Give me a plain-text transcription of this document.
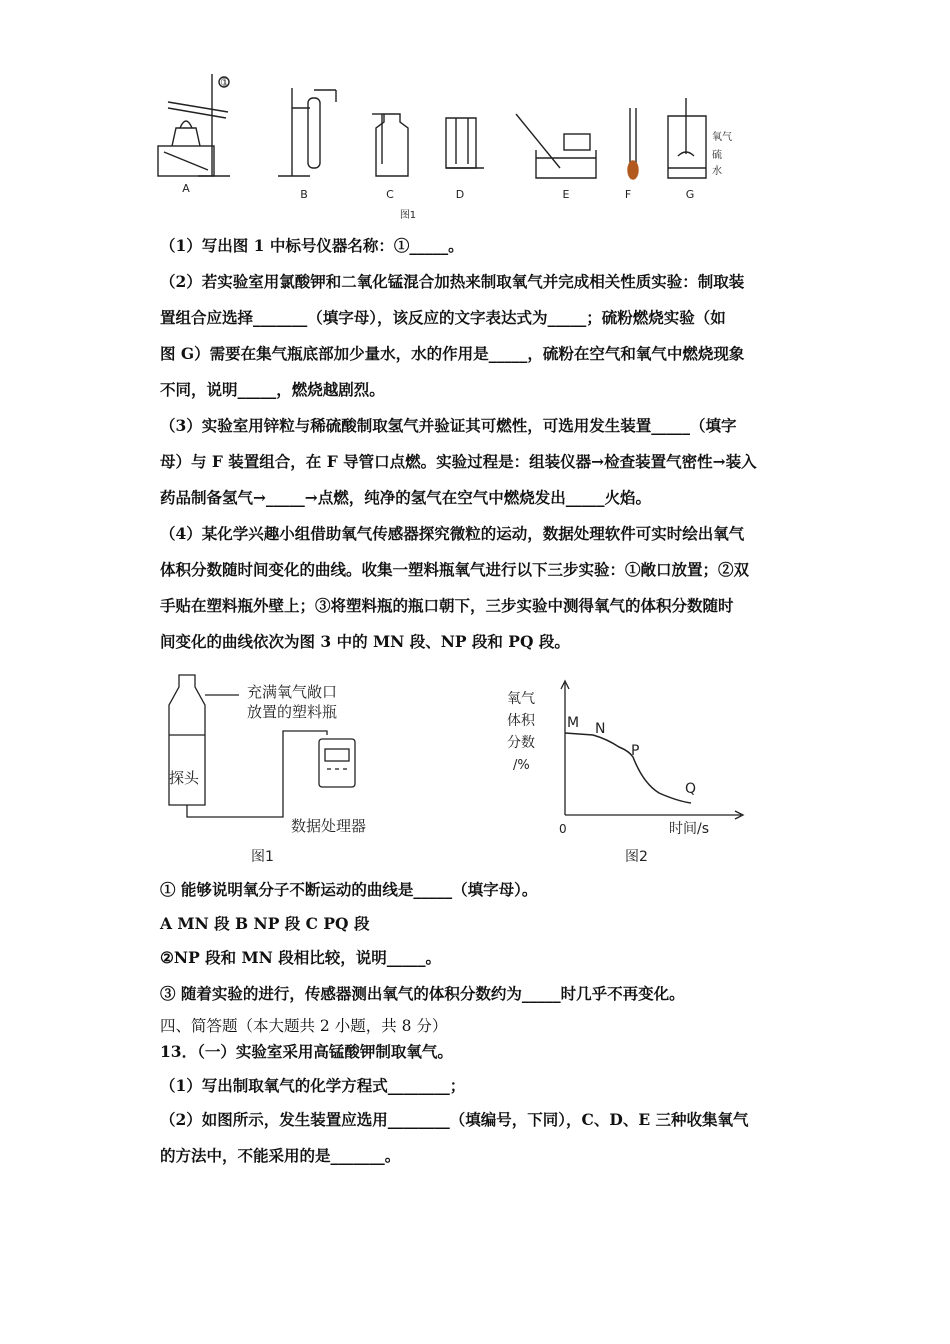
A	B	C	D	E	F	G
①
氧气
硫
水
图1
（1）写出图 1 中标号仪器名称：①_____。
（2）若实验室用氯酸钾和二氧化锰混合加热来制取氧气并完成相关性质实验：制取装
置组合应选择_______（填字母），该反应的文字表达式为_____；硫粉燃烧实验（如
图 G）需要在集气瓶底部加少量水，水的作用是_____，硫粉在空气和氧气中燃烧现象
不同，说明_____，燃烧越剧烈。
（3）实验室用锌粒与稀硫酸制取氢气并验证其可燃性，可选用发生装置_____（填字
母）与 F 装置组合，在 F 导管口点燃。实验过程是：组装仪器→检查装置气密性→装入
药品制备氢气→_____→点燃，纯净的氢气在空气中燃烧发出_____火焰。
（4）某化学兴趣小组借助氧气传感器探究微粒的运动，数据处理软件可实时绘出氧气
体积分数随时间变化的曲线。收集一塑料瓶氧气进行以下三步实验：①敞口放置；②双
手贴在塑料瓶外壁上；③将塑料瓶的瓶口朝下，三步实验中测得氧气的体积分数随时
间变化的曲线依次为图 3 中的 MN 段、NP 段和 PQ 段。
充满氧气敞口
放置的塑料瓶
探头
数据处理器
图1	图2
氧气
体积
分数
/%
0	时间/s
M N
P
Q
① 能够说明氧分子不断运动的曲线是_____（填字母）。
A MN 段 B NP 段 C PQ 段
②NP 段和 MN 段相比较，说明_____。
③ 随着实验的进行，传感器测出氧气的体积分数约为_____时几乎不再变化。
四、简答题（本大题共 2 小题，共 8 分）
13．（一）实验室采用高锰酸钾制取氧气。
（1）写出制取氧气的化学方程式________；
（2）如图所示，发生装置应选用________（填编号，下同），C、D、E 三种收集氧气
的方法中，不能采用的是_______。
